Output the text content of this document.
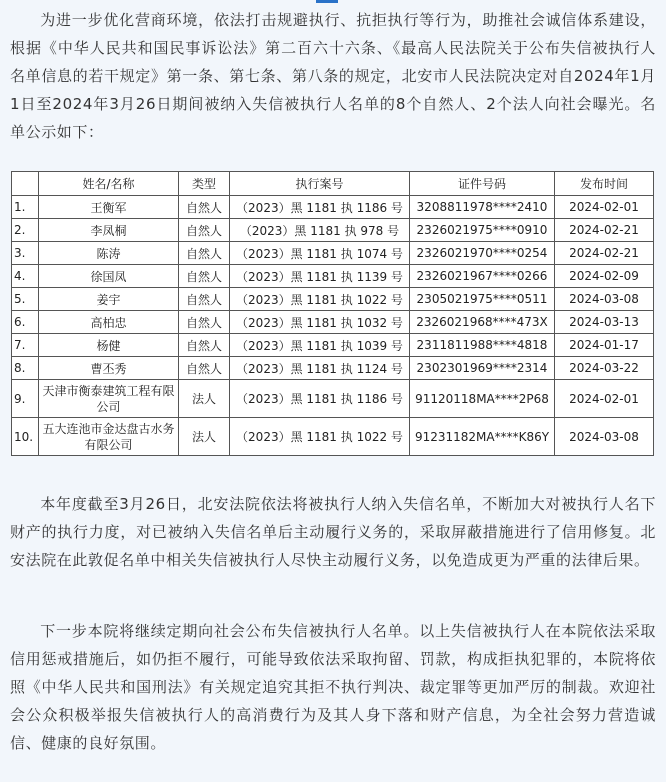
为进一步优化营商环境，依法打击规避执行、抗拒执行等行为，助推社会诚信体系建设，根据《中华人民共和国民事诉讼法》第二百六十六条、《最高人民法院关于公布失信被执行人名单信息的若干规定》第一条、第七条、第八条的规定，北安市人民法院决定对自2024年1月1日至2024年3月26日期间被纳入失信被执行人名单的8个自然人、2个法人向社会曝光。名单公示如下：

	姓名/名称	类型	执行案号	证件号码	发布时间
1.	王衡军	自然人	（2023）黑 1181 执 1186 号	3208811978****2410	2024-02-01
2.	李凤桐	自然人	（2023）黑 1181 执 978 号	2326021975****0910	2024-02-21
3.	陈涛	自然人	（2023）黑 1181 执 1074 号	2326021970****0254	2024-02-21
4.	徐国凤	自然人	（2023）黑 1181 执 1139 号	2326021967****0266	2024-02-09
5.	姜宇	自然人	（2023）黑 1181 执 1022 号	2305021975****0511	2024-03-08
6.	高柏忠	自然人	（2023）黑 1181 执 1032 号	2326021968****473X	2024-03-13
7.	杨健	自然人	（2023）黑 1181 执 1039 号	2311811988****4818	2024-01-17
8.	曹丕秀	自然人	（2023）黑 1181 执 1124 号	2302301969****2314	2024-03-22
9.	天津市衡泰建筑工程有限公司	法人	（2023）黑 1181 执 1186 号	91120118MA****2P68	2024-02-01
10.	五大连池市金达盘古水务有限公司	法人	（2023）黑 1181 执 1022 号	91231182MA****K86Y	2024-03-08

本年度截至3月26日，北安法院依法将被执行人纳入失信名单，不断加大对被执行人名下财产的执行力度，对已被纳入失信名单后主动履行义务的，采取屏蔽措施进行了信用修复。北安法院在此敦促名单中相关失信被执行人尽快主动履行义务，以免造成更为严重的法律后果。

下一步本院将继续定期向社会公布失信被执行人名单。以上失信被执行人在本院依法采取信用惩戒措施后，如仍拒不履行，可能导致依法采取拘留、罚款，构成拒执犯罪的，本院将依照《中华人民共和国刑法》有关规定追究其拒不执行判决、裁定罪等更加严厉的制裁。欢迎社会公众积极举报失信被执行人的高消费行为及其人身下落和财产信息，为全社会努力营造诚信、健康的良好氛围。
